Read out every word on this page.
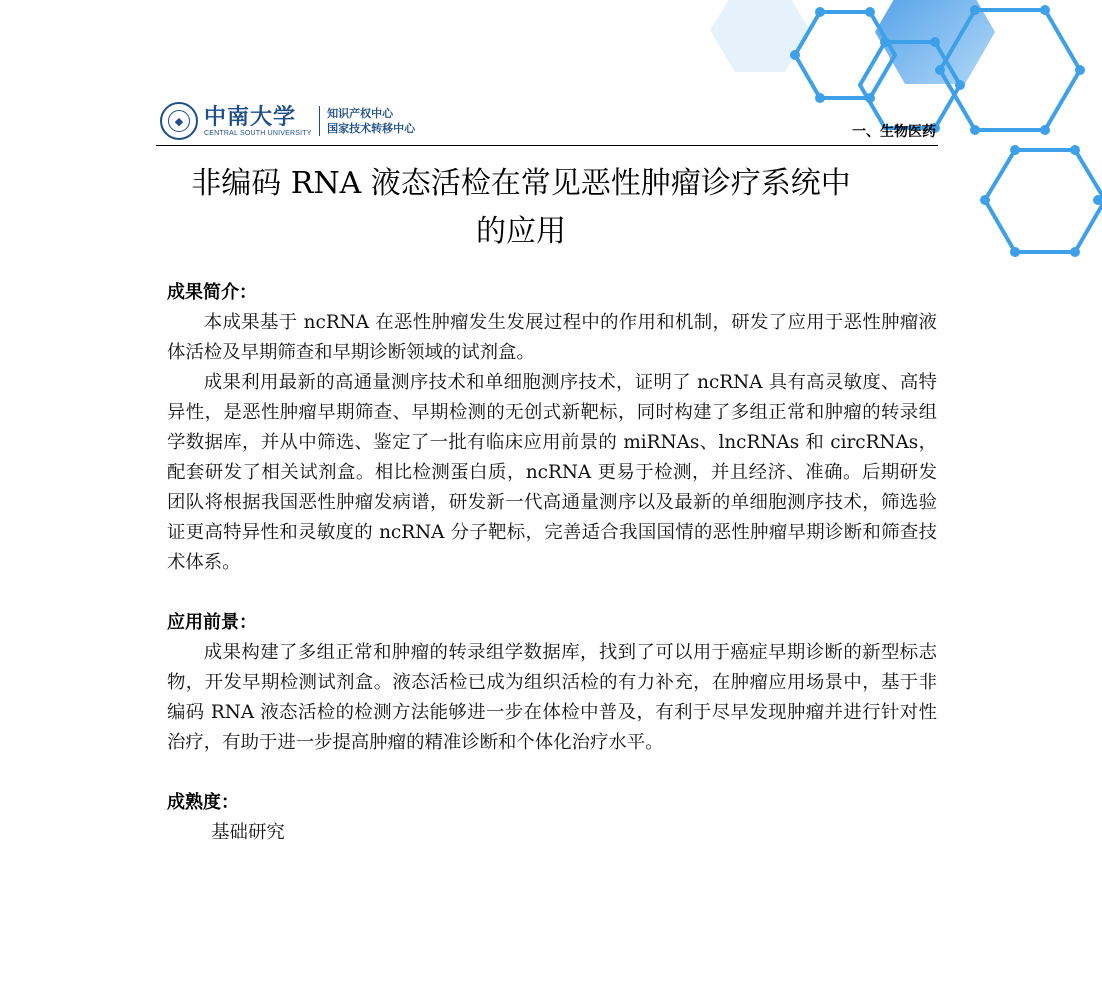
◆ 中南大学
CENTRAL SOUTH UNIVERSITY
知识产权中心
国家技术转移中心	一、生物医药
非编码 RNA 液态活检在常见恶性肿瘤诊疗系统中
的应用

成果简介：

本成果基于 ncRNA 在恶性肿瘤发生发展过程中的作用和机制，研发了应用于恶性肿瘤液体活检及早期筛查和早期诊断领域的试剂盒。

成果利用最新的高通量测序技术和单细胞测序技术，证明了 ncRNA 具有高灵敏度、高特异性，是恶性肿瘤早期筛查、早期检测的无创式新靶标，同时构建了多组正常和肿瘤的转录组学数据库，并从中筛选、鉴定了一批有临床应用前景的 miRNAs、lncRNAs 和 circRNAs，配套研发了相关试剂盒。相比检测蛋白质，ncRNA 更易于检测，并且经济、准确。后期研发团队将根据我国恶性肿瘤发病谱，研发新一代高通量测序以及最新的单细胞测序技术，筛选验证更高特异性和灵敏度的 ncRNA 分子靶标，完善适合我国国情的恶性肿瘤早期诊断和筛查技术体系。

应用前景：

成果构建了多组正常和肿瘤的转录组学数据库，找到了可以用于癌症早期诊断的新型标志物，开发早期检测试剂盒。液态活检已成为组织活检的有力补充，在肿瘤应用场景中，基于非编码 RNA 液态活检的检测方法能够进一步在体检中普及，有利于尽早发现肿瘤并进行针对性治疗，有助于进一步提高肿瘤的精准诊断和个体化治疗水平。

成熟度：

基础研究
